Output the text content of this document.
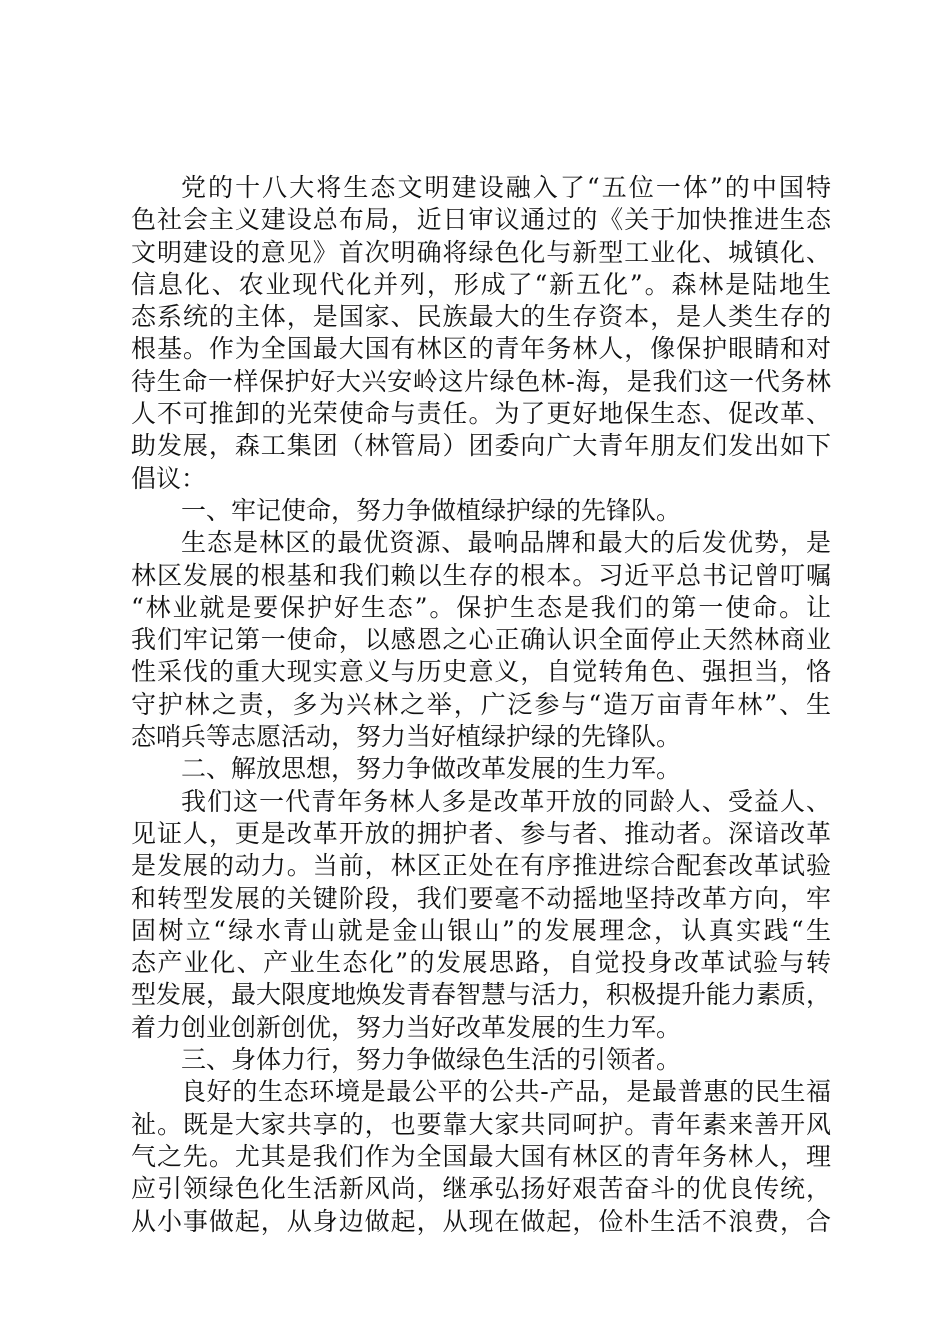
党的十八大将生态文明建设融入了“五位一体”的中国特
色社会主义建设总布局，近日审议通过的《关于加快推进生态
文明建设的意见》首次明确将绿色化与新型工业化、城镇化、
信息化、农业现代化并列，形成了“新五化”。森林是陆地生
态系统的主体，是国家、民族最大的生存资本，是人类生存的
根基。作为全国最大国有林区的青年务林人，像保护眼睛和对
待生命一样保护好大兴安岭这片绿色林-海，是我们这一代务林
人不可推卸的光荣使命与责任。为了更好地保生态、促改革、
助发展，森工集团（林管局）团委向广大青年朋友们发出如下
倡议：
一、牢记使命，努力争做植绿护绿的先锋队。
生态是林区的最优资源、最响品牌和最大的后发优势，是
林区发展的根基和我们赖以生存的根本。习近平总书记曾叮嘱
“林业就是要保护好生态”。保护生态是我们的第一使命。让
我们牢记第一使命，以感恩之心正确认识全面停止天然林商业
性采伐的重大现实意义与历史意义，自觉转角色、强担当，恪
守护林之责，多为兴林之举，广泛参与“造万亩青年林”、生
态哨兵等志愿活动，努力当好植绿护绿的先锋队。
二、解放思想，努力争做改革发展的生力军。
我们这一代青年务林人多是改革开放的同龄人、受益人、
见证人，更是改革开放的拥护者、参与者、推动者。深谙改革
是发展的动力。当前，林区正处在有序推进综合配套改革试验
和转型发展的关键阶段，我们要毫不动摇地坚持改革方向，牢
固树立“绿水青山就是金山银山”的发展理念，认真实践“生
态产业化、产业生态化”的发展思路，自觉投身改革试验与转
型发展，最大限度地焕发青春智慧与活力，积极提升能力素质，
着力创业创新创优，努力当好改革发展的生力军。
三、身体力行，努力争做绿色生活的引领者。
良好的生态环境是最公平的公共-产品，是最普惠的民生福
祉。既是大家共享的，也要靠大家共同呵护。青年素来善开风
气之先。尤其是我们作为全国最大国有林区的青年务林人，理
应引领绿色化生活新风尚，继承弘扬好艰苦奋斗的优良传统，
从小事做起，从身边做起，从现在做起，俭朴生活不浪费，合
